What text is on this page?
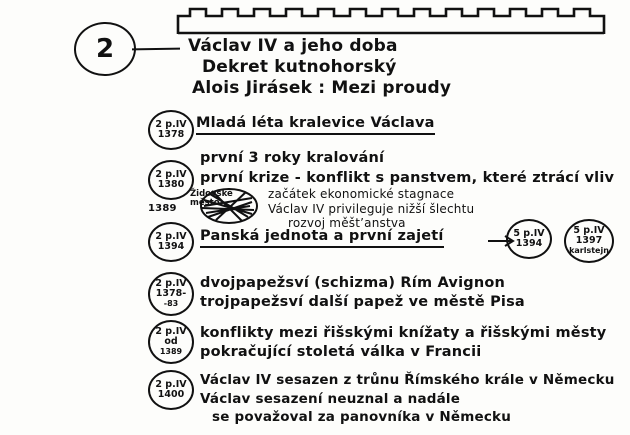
2	Václav IV a jeho doba
Dekret kutnohorský
Alois Jirásek : Mezi proudy
2 p.IV
1378
Mladá léta kralevice Václava
2 p.IV
1380
první 3 roky kralování
první krize - konflikt s panstvem, které ztrácí vliv
začátek ekonomické stagnace
Václav IV privileguje nižší šlechtu
rozvoj měšt’anstva
1389
Židovské
město
2 p.IV
1394
Panská jednota a první zajetí	5 p.IV
1394
5 p.IV
1397
karlstejn
2 p.IV
1378-
-83
dvojpapežsví (schizma) Rím Avignon
trojpapežsví další papež ve městě Pisa
2 p.IV
od
1389
konflikty mezi řišskými knížaty a řišskými městy
pokračující stoletá válka v Francii
2 p.IV
1400
Václav IV sesazen z trůnu Římského krále v Německu
Václav sesazení neuznal a nadále
se považoval za panovníka v Německu
